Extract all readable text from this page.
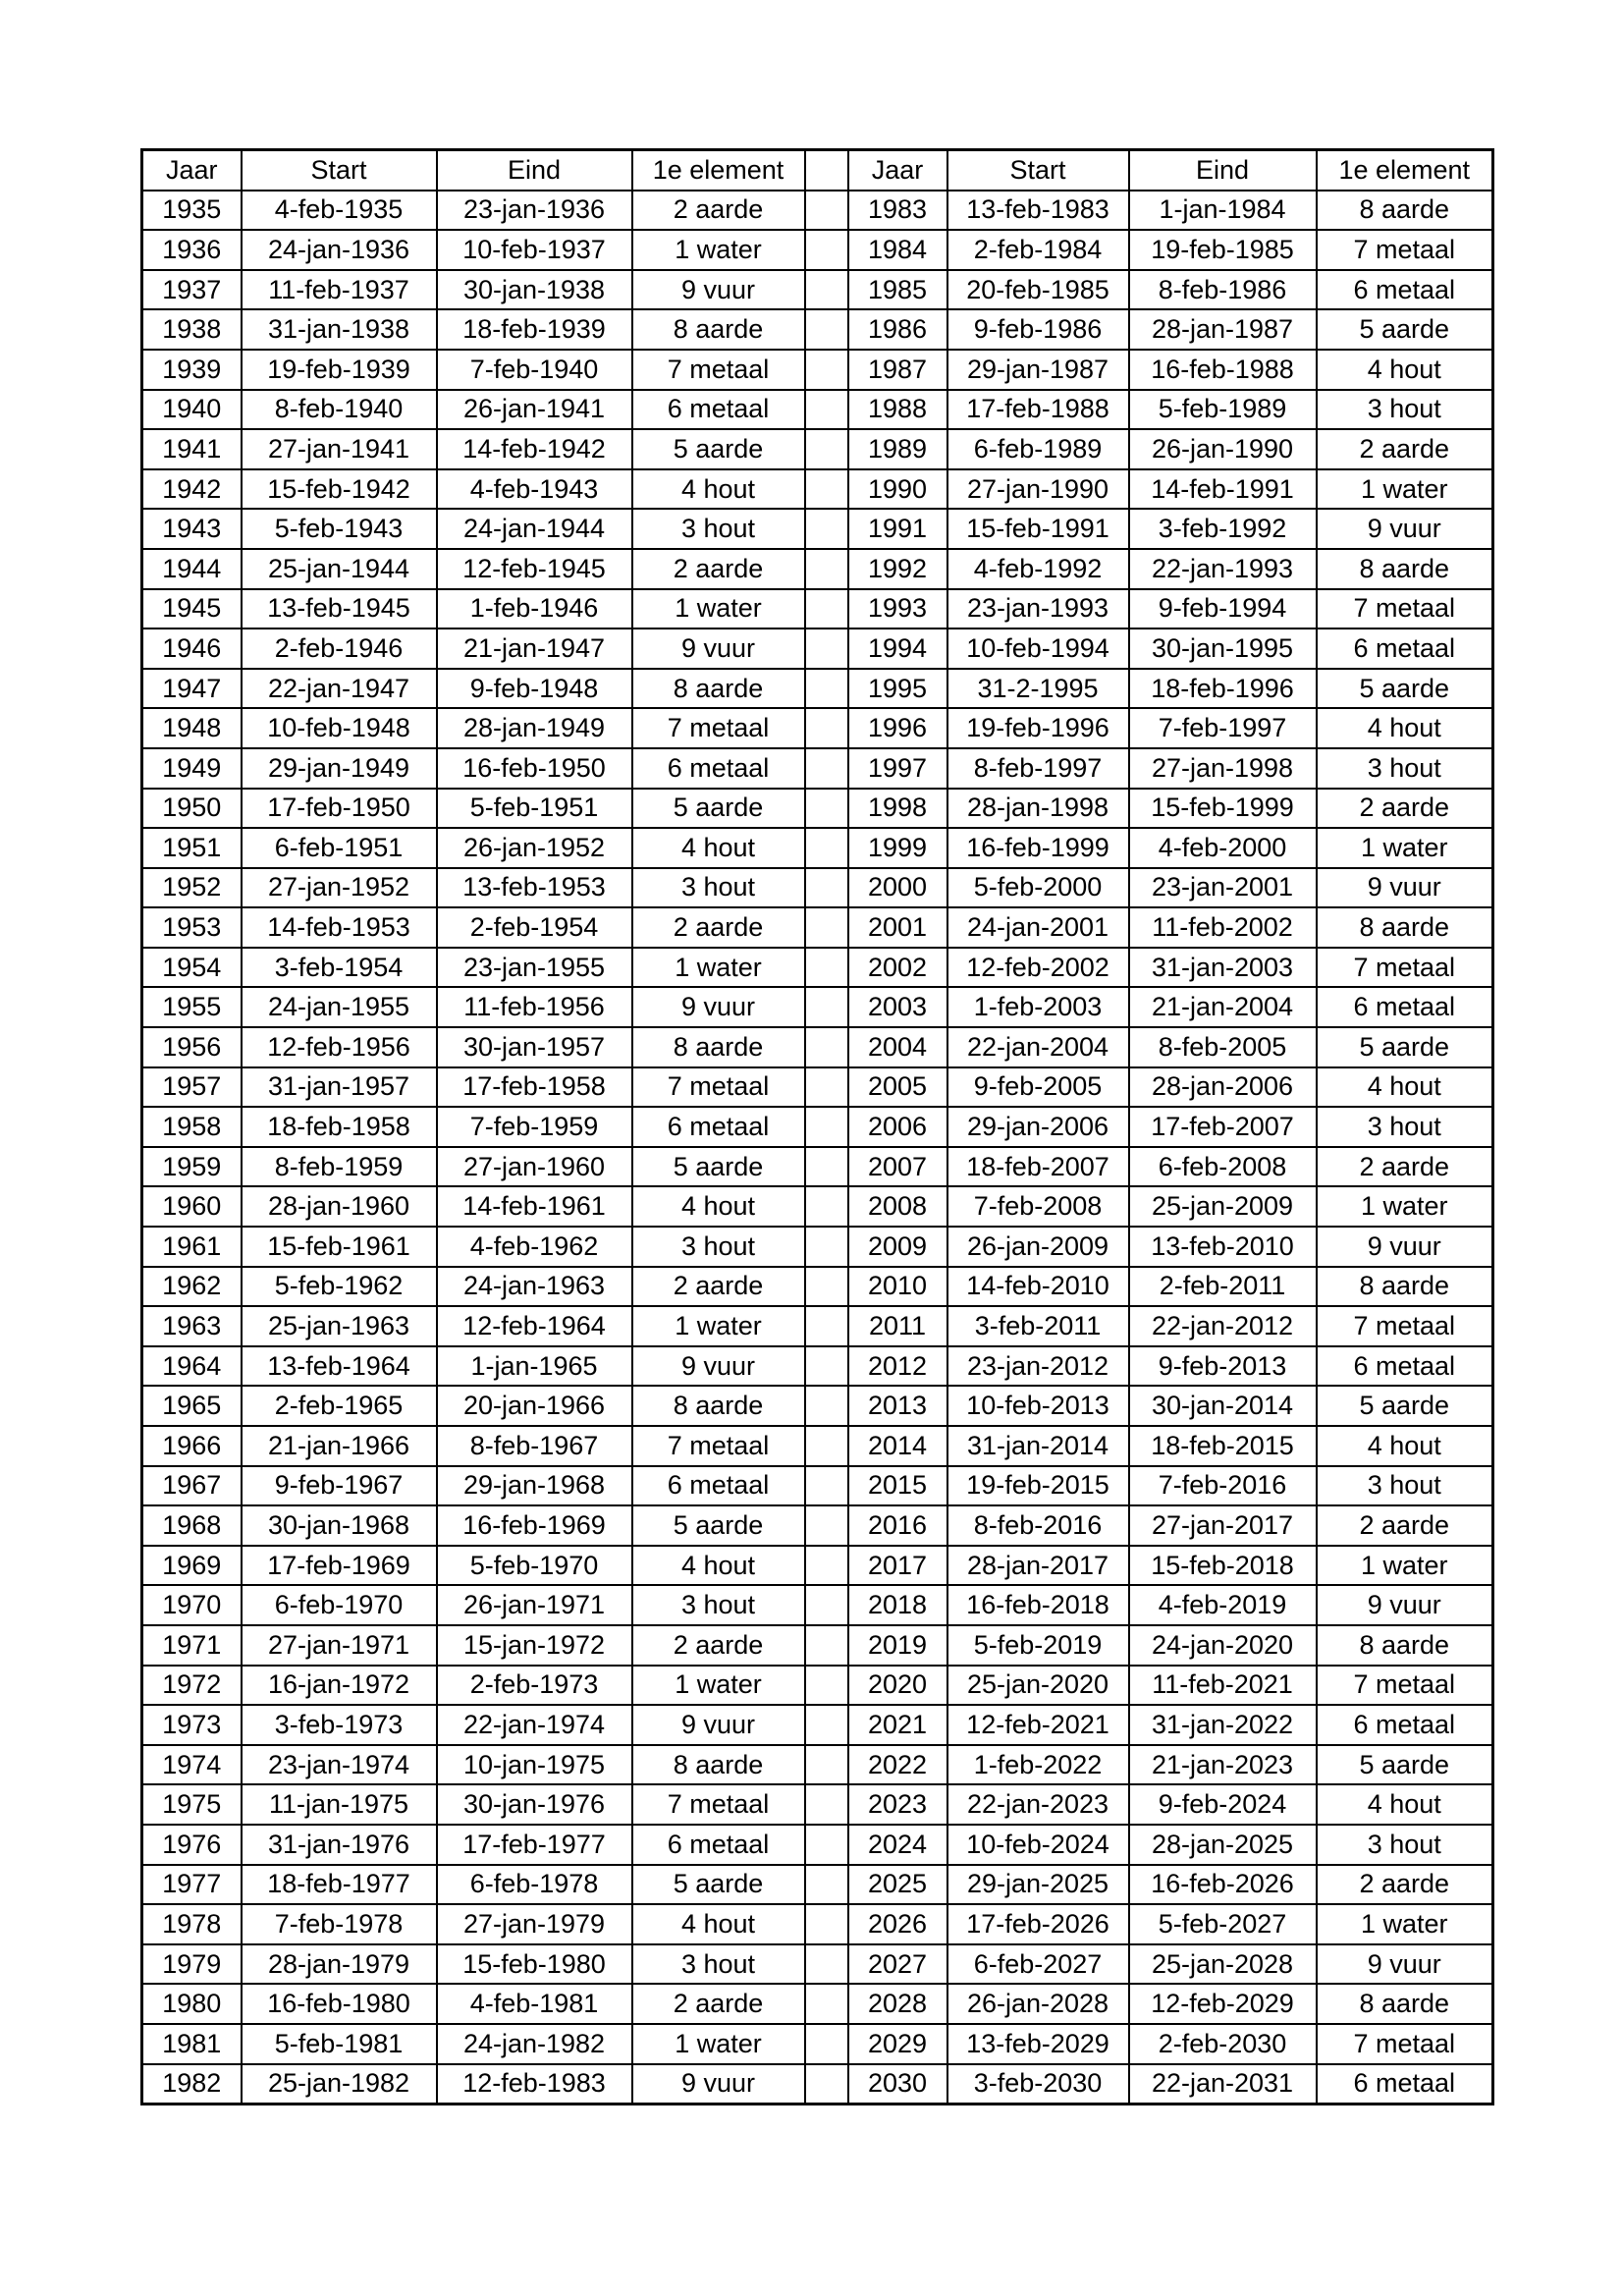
Jaar	Start	Eind	1e element		Jaar	Start	Eind	1e element
1935	4-feb-1935	23-jan-1936	2 aarde		1983	13-feb-1983	1-jan-1984	8 aarde
1936	24-jan-1936	10-feb-1937	1 water		1984	2-feb-1984	19-feb-1985	7 metaal
1937	11-feb-1937	30-jan-1938	9 vuur		1985	20-feb-1985	8-feb-1986	6 metaal
1938	31-jan-1938	18-feb-1939	8 aarde		1986	9-feb-1986	28-jan-1987	5 aarde
1939	19-feb-1939	7-feb-1940	7 metaal		1987	29-jan-1987	16-feb-1988	4 hout
1940	8-feb-1940	26-jan-1941	6 metaal		1988	17-feb-1988	5-feb-1989	3 hout
1941	27-jan-1941	14-feb-1942	5 aarde		1989	6-feb-1989	26-jan-1990	2 aarde
1942	15-feb-1942	4-feb-1943	4 hout		1990	27-jan-1990	14-feb-1991	1 water
1943	5-feb-1943	24-jan-1944	3 hout		1991	15-feb-1991	3-feb-1992	9 vuur
1944	25-jan-1944	12-feb-1945	2 aarde		1992	4-feb-1992	22-jan-1993	8 aarde
1945	13-feb-1945	1-feb-1946	1 water		1993	23-jan-1993	9-feb-1994	7 metaal
1946	2-feb-1946	21-jan-1947	9 vuur		1994	10-feb-1994	30-jan-1995	6 metaal
1947	22-jan-1947	9-feb-1948	8 aarde		1995	31-2-1995	18-feb-1996	5 aarde
1948	10-feb-1948	28-jan-1949	7 metaal		1996	19-feb-1996	7-feb-1997	4 hout
1949	29-jan-1949	16-feb-1950	6 metaal		1997	8-feb-1997	27-jan-1998	3 hout
1950	17-feb-1950	5-feb-1951	5 aarde		1998	28-jan-1998	15-feb-1999	2 aarde
1951	6-feb-1951	26-jan-1952	4 hout		1999	16-feb-1999	4-feb-2000	1 water
1952	27-jan-1952	13-feb-1953	3 hout		2000	5-feb-2000	23-jan-2001	9 vuur
1953	14-feb-1953	2-feb-1954	2 aarde		2001	24-jan-2001	11-feb-2002	8 aarde
1954	3-feb-1954	23-jan-1955	1 water		2002	12-feb-2002	31-jan-2003	7 metaal
1955	24-jan-1955	11-feb-1956	9 vuur		2003	1-feb-2003	21-jan-2004	6 metaal
1956	12-feb-1956	30-jan-1957	8 aarde		2004	22-jan-2004	8-feb-2005	5 aarde
1957	31-jan-1957	17-feb-1958	7 metaal		2005	9-feb-2005	28-jan-2006	4 hout
1958	18-feb-1958	7-feb-1959	6 metaal		2006	29-jan-2006	17-feb-2007	3 hout
1959	8-feb-1959	27-jan-1960	5 aarde		2007	18-feb-2007	6-feb-2008	2 aarde
1960	28-jan-1960	14-feb-1961	4 hout		2008	7-feb-2008	25-jan-2009	1 water
1961	15-feb-1961	4-feb-1962	3 hout		2009	26-jan-2009	13-feb-2010	9 vuur
1962	5-feb-1962	24-jan-1963	2 aarde		2010	14-feb-2010	2-feb-2011	8 aarde
1963	25-jan-1963	12-feb-1964	1 water		2011	3-feb-2011	22-jan-2012	7 metaal
1964	13-feb-1964	1-jan-1965	9 vuur		2012	23-jan-2012	9-feb-2013	6 metaal
1965	2-feb-1965	20-jan-1966	8 aarde		2013	10-feb-2013	30-jan-2014	5 aarde
1966	21-jan-1966	8-feb-1967	7 metaal		2014	31-jan-2014	18-feb-2015	4 hout
1967	9-feb-1967	29-jan-1968	6 metaal		2015	19-feb-2015	7-feb-2016	3 hout
1968	30-jan-1968	16-feb-1969	5 aarde		2016	8-feb-2016	27-jan-2017	2 aarde
1969	17-feb-1969	5-feb-1970	4 hout		2017	28-jan-2017	15-feb-2018	1 water
1970	6-feb-1970	26-jan-1971	3 hout		2018	16-feb-2018	4-feb-2019	9 vuur
1971	27-jan-1971	15-jan-1972	2 aarde		2019	5-feb-2019	24-jan-2020	8 aarde
1972	16-jan-1972	2-feb-1973	1 water		2020	25-jan-2020	11-feb-2021	7 metaal
1973	3-feb-1973	22-jan-1974	9 vuur		2021	12-feb-2021	31-jan-2022	6 metaal
1974	23-jan-1974	10-jan-1975	8 aarde		2022	1-feb-2022	21-jan-2023	5 aarde
1975	11-jan-1975	30-jan-1976	7 metaal		2023	22-jan-2023	9-feb-2024	4 hout
1976	31-jan-1976	17-feb-1977	6 metaal		2024	10-feb-2024	28-jan-2025	3 hout
1977	18-feb-1977	6-feb-1978	5 aarde		2025	29-jan-2025	16-feb-2026	2 aarde
1978	7-feb-1978	27-jan-1979	4 hout		2026	17-feb-2026	5-feb-2027	1 water
1979	28-jan-1979	15-feb-1980	3 hout		2027	6-feb-2027	25-jan-2028	9 vuur
1980	16-feb-1980	4-feb-1981	2 aarde		2028	26-jan-2028	12-feb-2029	8 aarde
1981	5-feb-1981	24-jan-1982	1 water		2029	13-feb-2029	2-feb-2030	7 metaal
1982	25-jan-1982	12-feb-1983	9 vuur		2030	3-feb-2030	22-jan-2031	6 metaal
